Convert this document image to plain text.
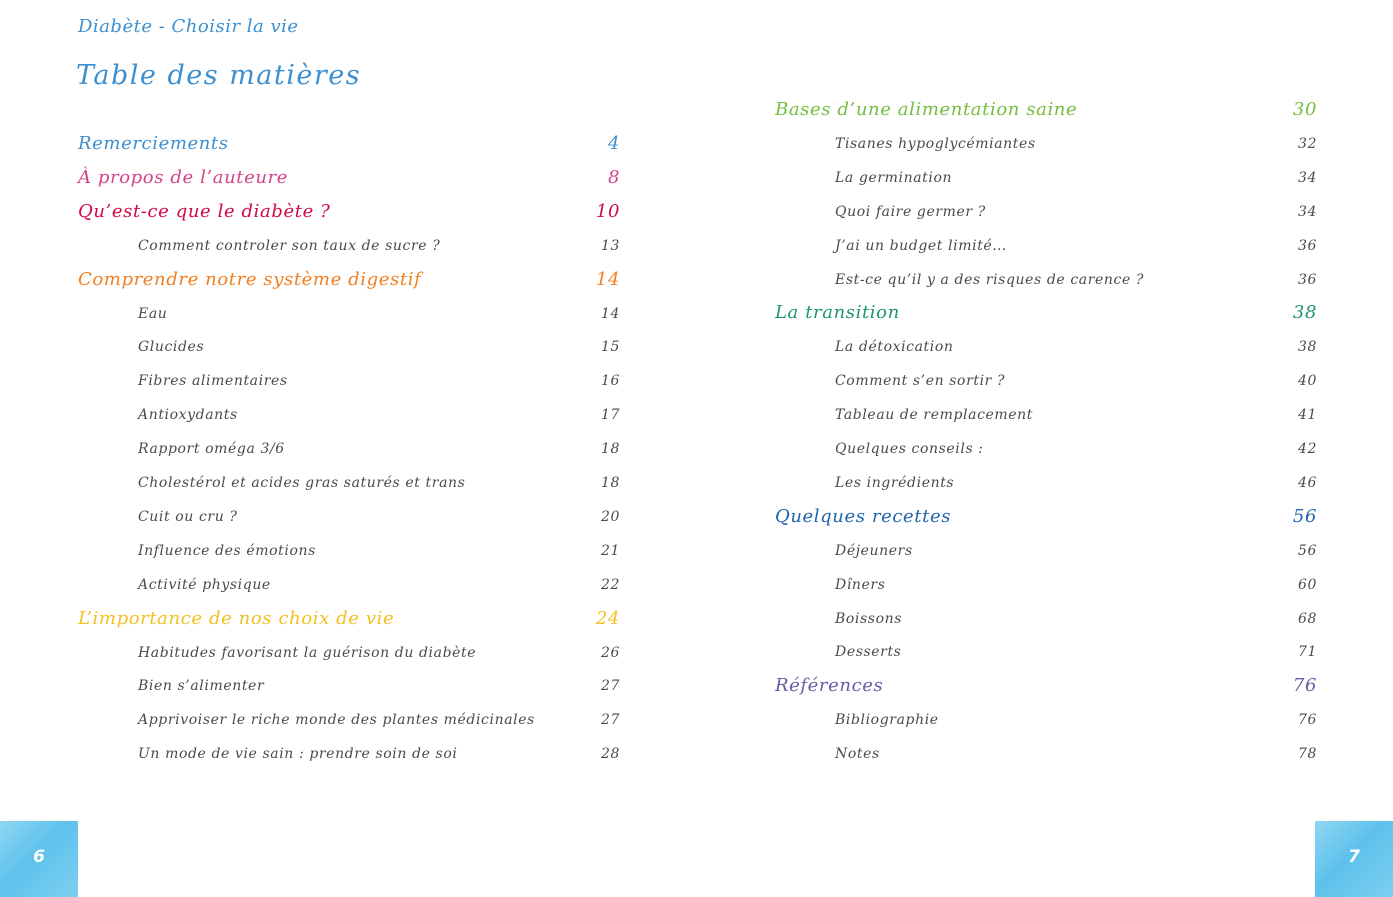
Diabète - Choisir la vie
Table des matières
Remerciements	4
À propos de l’auteure	8
Qu’est-ce que le diabète ?	10
Comment controler son taux de sucre ?	13
Comprendre notre système digestif	14
Eau	14
Glucides	15
Fibres alimentaires	16
Antioxydants	17
Rapport oméga 3/6	18
Cholestérol et acides gras saturés et trans	18
Cuit ou cru ?	20
Influence des émotions	21
Activité physique	22
L’importance de nos choix de vie	24
Habitudes favorisant la guérison du diabète	26
Bien s’alimenter	27
Apprivoiser le riche monde des plantes médicinales	27
Un mode de vie sain : prendre soin de soi	28
Bases d’une alimentation saine	30
Tisanes hypoglycémiantes	32
La germination	34
Quoi faire germer ?	34
J’ai un budget limité…	36
Est-ce qu’il y a des risques de carence ?	36
La transition	38
La détoxication	38
Comment s’en sortir ?	40
Tableau de remplacement	41
Quelques conseils :	42
Les ingrédients	46
Quelques recettes	56
Déjeuners	56
Dîners	60
Boissons	68
Desserts	71
Références	76
Bibliographie	76
Notes	78
6	7
